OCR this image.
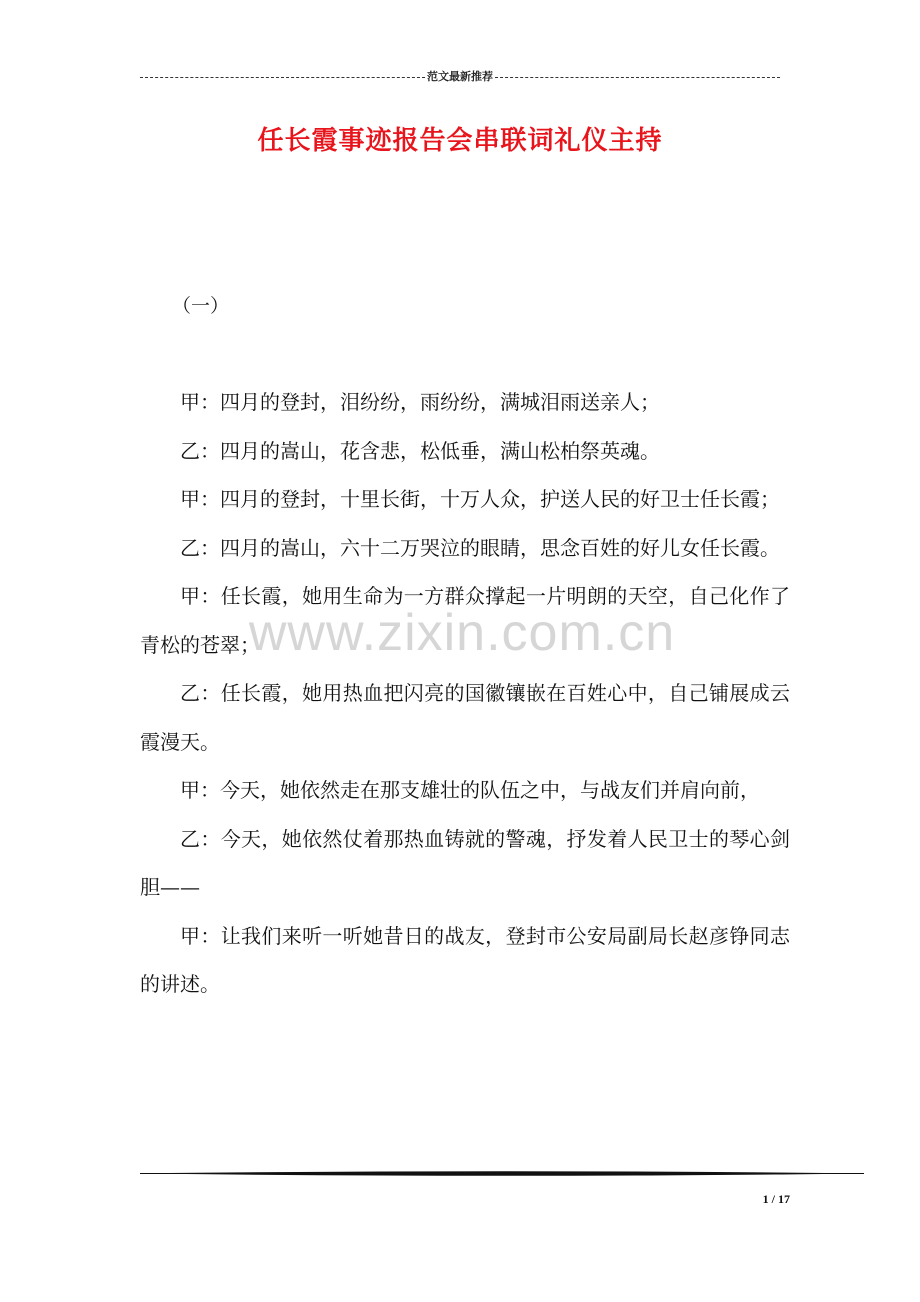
范文最新推荐
任长霞事迹报告会串联词礼仪主持
（一）

甲：四月的登封，泪纷纷，雨纷纷，满城泪雨送亲人；

乙：四月的嵩山，花含悲，松低垂，满山松柏祭英魂。

甲：四月的登封，十里长街，十万人众，护送人民的好卫士任长霞；

乙：四月的嵩山，六十二万哭泣的眼睛，思念百姓的好儿女任长霞。

甲：任长霞，她用生命为一方群众撑起一片明朗的天空，自己化作了青松的苍翠；

乙：任长霞，她用热血把闪亮的国徽镶嵌在百姓心中，自己铺展成云霞漫天。

甲：今天，她依然走在那支雄壮的队伍之中，与战友们并肩向前，

乙：今天，她依然仗着那热血铸就的警魂，抒发着人民卫士的琴心剑胆——

甲：让我们来听一听她昔日的战友，登封市公安局副局长赵彦铮同志的讲述。

www.zixin.com.cn
1 / 17
